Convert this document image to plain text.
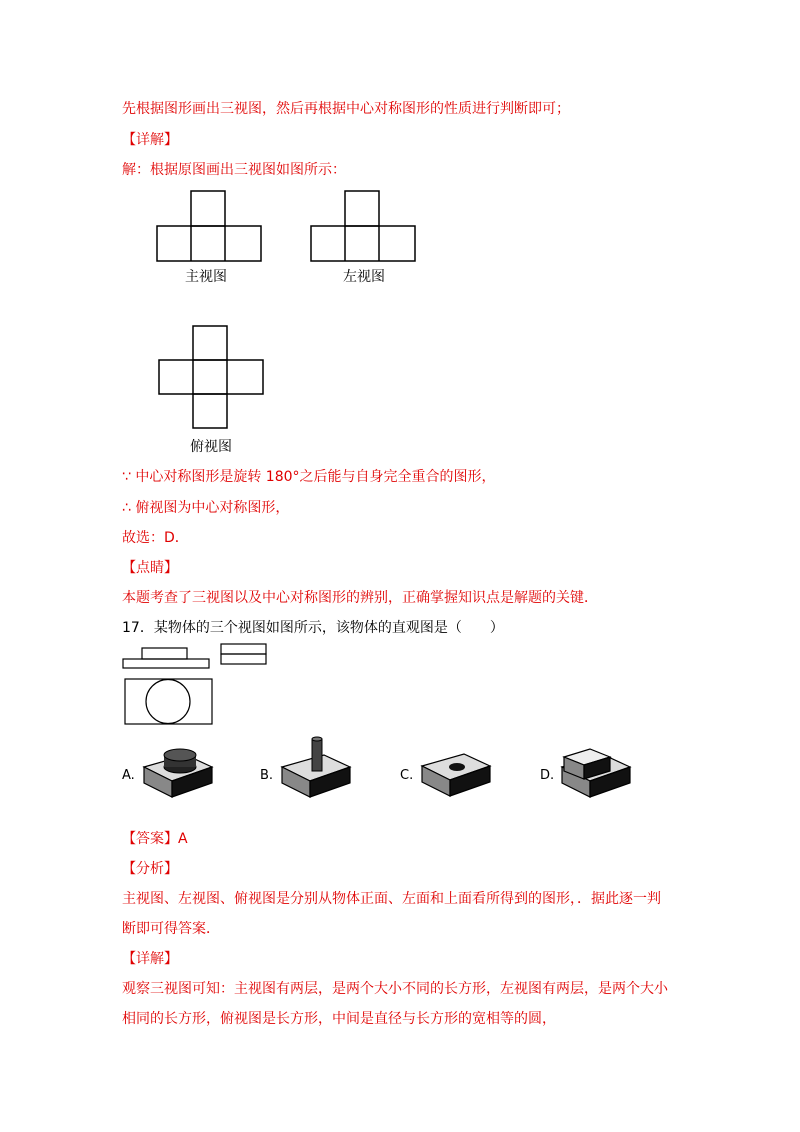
先根据图形画出三视图，然后再根据中心对称图形的性质进行判断即可；
【详解】
解：根据原图画出三视图如图所示：
主视图	左视图
俯视图
∵ 中心对称图形是旋转 180°之后能与自身完全重合的图形，
∴ 俯视图为中心对称图形，
故选：D．
【点睛】
本题考查了三视图以及中心对称图形的辨别，正确掌握知识点是解题的关键．
17．某物体的三个视图如图所示，该物体的直观图是（　　）
A.	B.	C.	D.
【答案】A
【分析】
主视图、左视图、俯视图是分别从物体正面、左面和上面看所得到的图形，．据此逐一判
断即可得答案．
【详解】
观察三视图可知：主视图有两层，是两个大小不同的长方形，左视图有两层，是两个大小
相同的长方形，俯视图是长方形，中间是直径与长方形的宽相等的圆，
